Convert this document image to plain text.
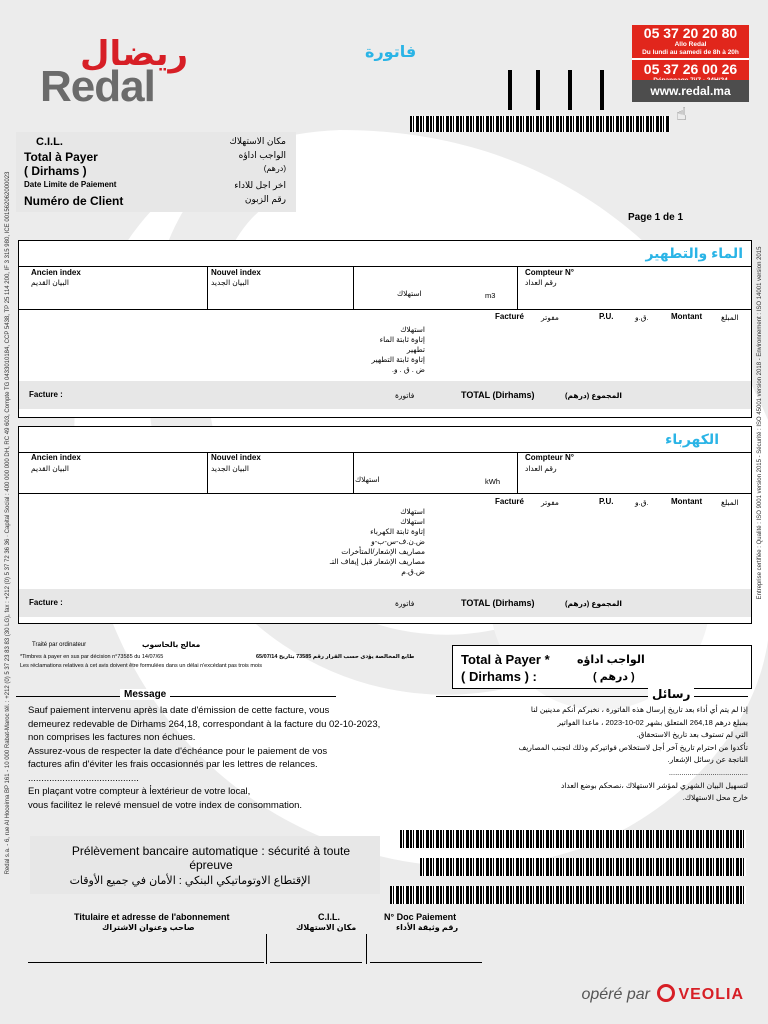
Redal s.a. - 6, rue Al Hoceima BP 161 - 10 000 Rabat-Maroc tél. : +212 (0) 5 37 23 83 83 (30 LG), fax : +212 (0) 5 37 72 36 36 · Capital Social : 400 000 000 DH, RC 49 603, Compte TG 0433010184, CCP 5438, TP 25 114 200, IF 3 315 980, ICE 001562062000023	Entreprise certifiée : Qualité : ISO 9001 version 2015 - Sécurité : ISO 45001 version 2018 - Environnement : ISO 14001 version 2015
ريضال
Redal
فاتورة
05 37 20 20 80
Allo Redal
Du lundi au samedi de 8h à 20h
05 37 26 00 26
www.redal.ma
☝
C.I.L.	مكان الاستهلاك
Total à Payer	الواجب اداؤه
( Dirhams )	(درهم)
Date Limite de Paiement	اخر اجل للاداء
Numéro de Client	رقم الزبون
Page 1 de 1
الماء والتطهير
Ancien index
البيان القديم
Nouvel index
البيان الجديد
استهلاك	m3
Compteur N°
رقم العداد
Facturé مفوتر	P.U.	ق.و.	Montant	المبلغ
استهلاك
إتاوة ثابتة الماء
تطهير
إتاوة ثابتة التطهير
ض . ق . و.
Facture :	فاتورة	TOTAL (Dirhams)	المجموع (درهم)
الكهرباء
Ancien index
البيان القديم
Nouvel index
البيان الجديد
استهلاك	kWh
Compteur N°
رقم العداد
Facturé مفوتر	P.U.	ق.و.	Montant	المبلغ
استهلاك
استهلاك
إتاوة ثابتة الكهرباء
ض.ن.ف-س-ب-و
مصاريف الإشعار/المتأخرات
مصاريف الإشعار قبل إيقاف التـ
ض.ق.م
Facture :	فاتورة	TOTAL (Dirhams)	المجموع (درهم)
Traité par ordinateur	معالج بالحاسوب
*Timbres à payer en sus par décision n°73585 du 14/07/65	طابع المخالصة يؤدى حسب القرار رقم 73585 بتاريخ 65/07/14
Les réclamations relatives à cet avis doivent être formulées dans un délai n'excédant pas trois mois	Total à Payer * الواجب اداؤه
( Dirhams ) :	( درهم )
Message	رسائل
Sauf paiement intervenu après la date d'émission de cette facture, vous
demeurez redevable de Dirhams 264,18, correspondant à la facture du 02-10-2023,
non comprises les factures non échues.
Assurez-vous de respecter la date d'échéance pour le paiement de vos
factures afin d'éviter les frais occasionnés par les lettres de relances.
..........................................
En plaçant votre compteur à l̓extérieur de votre local,
vous facilitez le relevé mensuel de votre index de consommation.
إذا لم يتم أي أداء بعد تاريخ إرسال هذه الفاتورة ، نخبركم أنكم مدينين لنا
بمبلغ درهم 264,18 المتعلق بشهر 02-10-2023 ، ماعدا الفواتير
التي لم تستوف بعد تاريخ الاستحقاق.
تأكدوا من احترام تاريخ آخر أجل لاستخلاص فواتيركم وذلك لتجنب المصاريف
الناتجة عن رسائل الإشعار.
......................................
لتسهيل البيان الشهري لمؤشر الاستهلاك ،نصحكم بوضع العداد
خارج محل الاستهلاك.
Prélèvement bancaire automatique : sécurité à toute épreuve
الإقتطاع الاوتوماتيكي البنكي : الأمان في جميع الأوقات
Titulaire et adresse de l'abonnement
صاحب وعنوان الاشتراك
C.I.L.
مكان الاستهلاك
N° Doc Paiement
رقم وثيقة الأداء
opéré par VEOLIA
